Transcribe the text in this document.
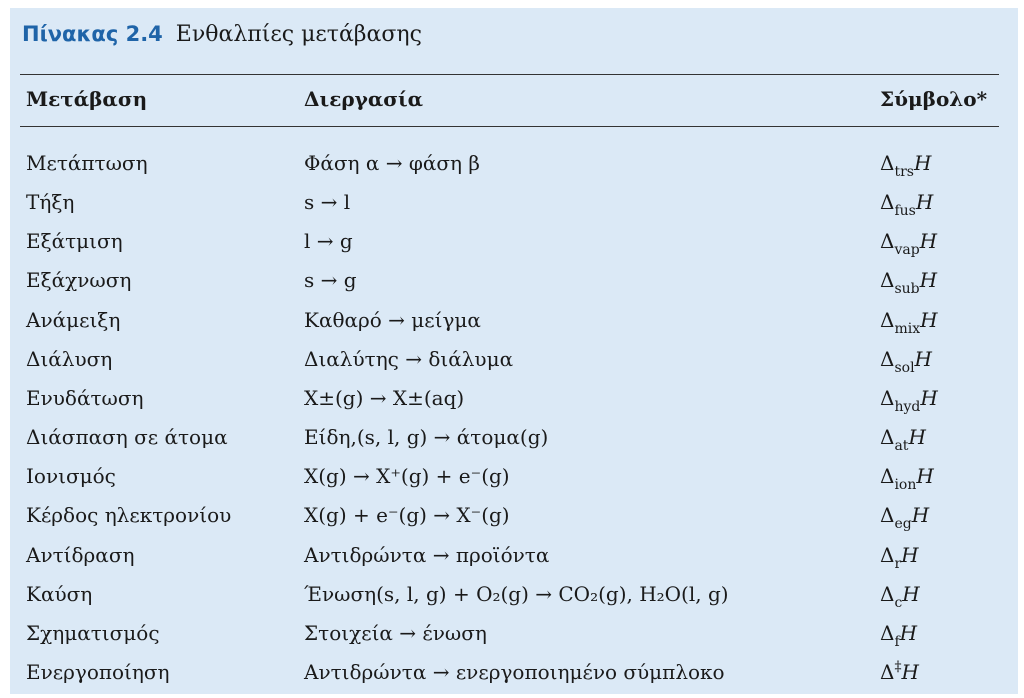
Πίνακας 2.4 Ενθαλπίες μετάβασης
Μετάβαση	Διεργασία	Σύμβολο*
Μετάπτωση	Φάση α → φάση β	$\Delta_{trs}H$
Τήξη	s → l	$\Delta_{fus}H$
Εξάτμιση	l → g	$\Delta_{vap}H$
Εξάχνωση	s → g	$\Delta_{sub}H$
Ανάμειξη	Καθαρό → μείγμα	$\Delta_{mix}H$
Διάλυση	Διαλύτης → διάλυμα	$\Delta_{sol}H$
Ενυδάτωση	X±(g) → X±(aq)	$\Delta_{hyd}H$
Διάσπαση σε άτομα	Είδη,(s, l, g) → άτομα(g)	$\Delta_{at}H$
Ιονισμός	X(g) → X⁺(g) + e⁻(g)	$\Delta_{ion}H$
Κέρδος ηλεκτρονίου	X(g) + e⁻(g) → X⁻(g)	$\Delta_{eg}H$
Αντίδραση	Αντιδρώντα → προϊόντα	$\Delta_rH$
Καύση	Ένωση(s, l, g) + O₂(g) → CO₂(g), H₂O(l, g)	$\Delta_cH$
Σχηματισμός	Στοιχεία → ένωση	$\Delta_fH$
Ενεργοποίηση	Αντιδρώντα → ενεργοποιημένο σύμπλοκο	Δ‡H
